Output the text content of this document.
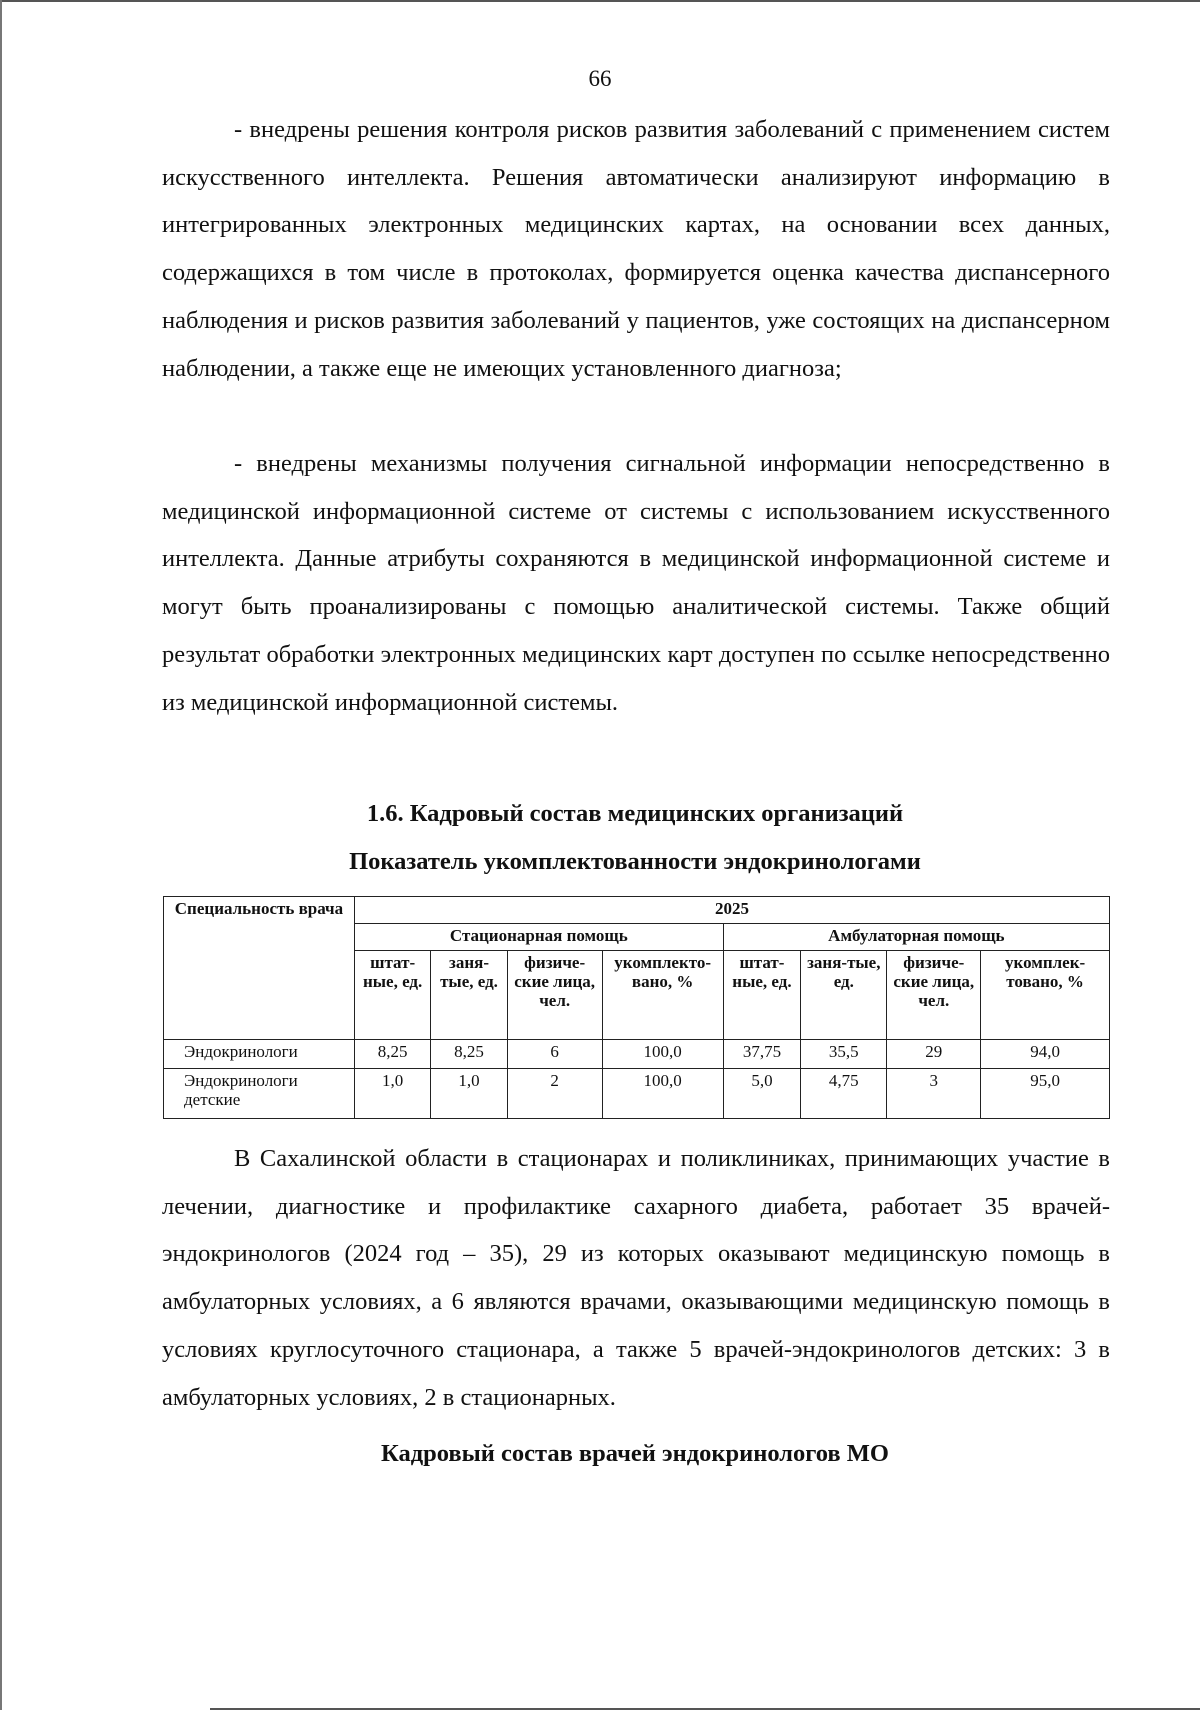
66

- внедрены решения контроля рисков развития заболеваний с применением систем искусственного интеллекта. Решения автоматически анализируют информацию в интегрированных электронных медицинских картах, на основании всех данных, содержащихся в том числе в протоколах, формируется оценка качества диспансерного наблюдения и рисков развития заболеваний у пациентов, уже состоящих на диспансерном наблюдении, а также еще не имеющих установленного диагноза;

- внедрены механизмы получения сигнальной информации непосредственно в медицинской информационной системе от системы с использованием искусственного интеллекта. Данные атрибуты сохраняются в медицинской информационной системе и могут быть проанализированы с помощью аналитической системы. Также общий результат обработки электронных медицинских карт доступен по ссылке непосредственно из медицинской информационной системы.

1.6. Кадровый состав медицинских организаций
Показатель укомплектованности эндокринологами
Специальность врача	2025							
	Стационарная помощь				Амбулаторная помощь			
	штат-ные, ед.	заня-тые, ед.	физиче-ские лица, чел.	укомплекто-вано, %	штат-ные, ед.	заня-тые, ед.	физиче-ские лица, чел.	укомплек-товано, %
Эндокринологи	8,25	8,25	6	100,0	37,75	35,5	29	94,0
Эндокринологи детские	1,0	1,0	2	100,0	5,0	4,75	3	95,0

В Сахалинской области в стационарах и поликлиниках, принимающих участие в лечении, диагностике и профилактике сахарного диабета, работает 35 врачей-эндокринологов (2024 год – 35), 29 из которых оказывают медицинскую помощь в амбулаторных условиях, а 6 являются врачами, оказывающими медицинскую помощь в условиях круглосуточного стационара, а также 5 врачей-эндокринологов детских: 3 в амбулаторных условиях, 2 в стационарных.

Кадровый состав врачей эндокринологов МО
